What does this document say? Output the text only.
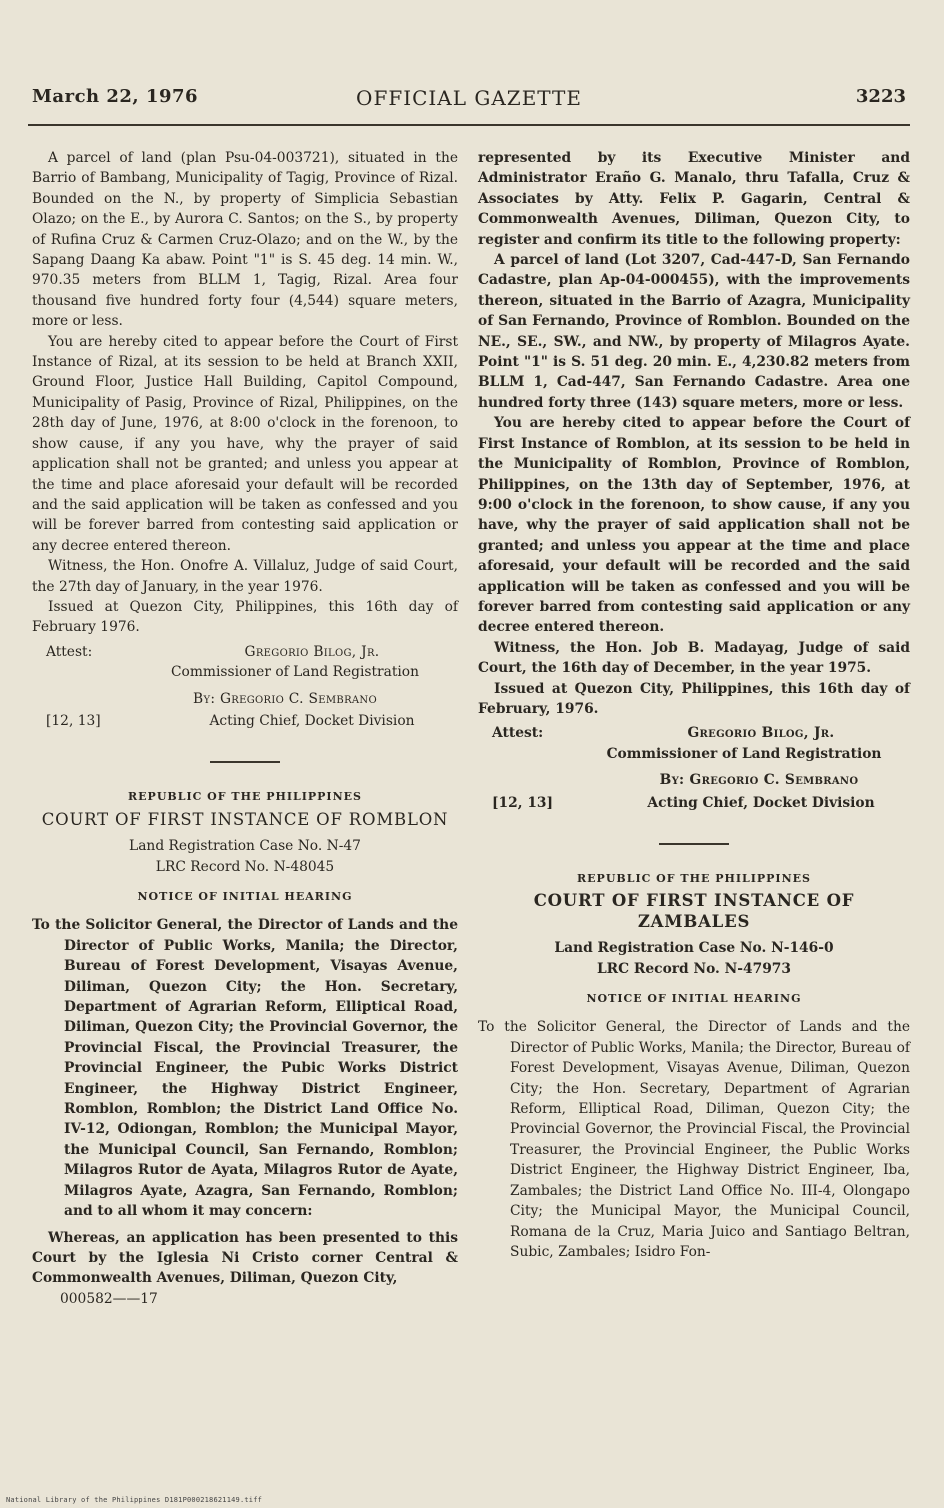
March 22, 1976	OFFICIAL GAZETTE	3223

A parcel of land (plan Psu-04-003721), situated in the Barrio of Bambang, Municipality of Tagig, Province of Rizal. Bounded on the N., by property of Simplicia Sebastian Olazo; on the E., by Aurora C. Santos; on the S., by property of Rufina Cruz & Carmen Cruz-Olazo; and on the W., by the Sapang Daang Ka abaw. Point "1" is S. 45 deg. 14 min. W., 970.35 meters from BLLM 1, Tagig, Rizal. Area four thousand five hundred forty four (4,544) square meters, more or less.

You are hereby cited to appear before the Court of First Instance of Rizal, at its session to be held at Branch XXII, Ground Floor, Justice Hall Building, Capitol Compound, Municipality of Pasig, Province of Rizal, Philippines, on the 28th day of June, 1976, at 8:00 o'clock in the forenoon, to show cause, if any you have, why the prayer of said application shall not be granted; and unless you appear at the time and place aforesaid your default will be recorded and the said application will be taken as confessed and you will be forever barred from contesting said application or any decree entered thereon.

Witness, the Hon. Onofre A. Villaluz, Judge of said Court, the 27th day of January, in the year 1976.

Issued at Quezon City, Philippines, this 16th day of February 1976.

Attest:	Gregorio Bilog, Jr.
Commissioner of Land Registration
By: Gregorio C. Sembrano
[12, 13]	Acting Chief, Docket Division
REPUBLIC OF THE PHILIPPINES
COURT OF FIRST INSTANCE OF ROMBLON
Land Registration Case No. N-47
LRC Record No. N-48045
NOTICE OF INITIAL HEARING
To the Solicitor General, the Director of Lands and the Director of Public Works, Manila; the Director, Bureau of Forest Development, Visayas Avenue, Diliman, Quezon City; the Hon. Secretary, Department of Agrarian Reform, Elliptical Road, Diliman, Quezon City; the Provincial Governor, the Provincial Fiscal, the Provincial Treasurer, the Provincial Engineer, the Pubic Works District Engineer, the Highway District Engineer, Romblon, Romblon; the District Land Office No. IV-12, Odiongan, Romblon; the Municipal Mayor, the Municipal Council, San Fernando, Romblon; Milagros Rutor de Ayata, Milagros Rutor de Ayate, Milagros Ayate, Azagra, San Fernando, Romblon; and to all whom it may concern:

Whereas, an application has been presented to this Court by the Iglesia Ni Cristo corner Central & Commonwealth Avenues, Diliman, Quezon City,

000582——17

represented by its Executive Minister and Administrator Eraño G. Manalo, thru Tafalla, Cruz & Associates by Atty. Felix P. Gagarin, Central & Commonwealth Avenues, Diliman, Quezon City, to register and confirm its title to the following property:

A parcel of land (Lot 3207, Cad-447-D, San Fernando Cadastre, plan Ap-04-000455), with the improvements thereon, situated in the Barrio of Azagra, Municipality of San Fernando, Province of Romblon. Bounded on the NE., SE., SW., and NW., by property of Milagros Ayate. Point "1" is S. 51 deg. 20 min. E., 4,230.82 meters from BLLM 1, Cad-447, San Fernando Cadastre. Area one hundred forty three (143) square meters, more or less.

You are hereby cited to appear before the Court of First Instance of Romblon, at its session to be held in the Municipality of Romblon, Province of Romblon, Philippines, on the 13th day of September, 1976, at 9:00 o'clock in the forenoon, to show cause, if any you have, why the prayer of said application shall not be granted; and unless you appear at the time and place aforesaid, your default will be recorded and the said application will be taken as confessed and you will be forever barred from contesting said application or any decree entered thereon.

Witness, the Hon. Job B. Madayag, Judge of said Court, the 16th day of December, in the year 1975.

Issued at Quezon City, Philippines, this 16th day of February, 1976.

Attest:	Gregorio Bilog, Jr.
Commissioner of Land Registration
By: Gregorio C. Sembrano
[12, 13]	Acting Chief, Docket Division
REPUBLIC OF THE PHILIPPINES
COURT OF FIRST INSTANCE OF ZAMBALES
Land Registration Case No. N-146-0
LRC Record No. N-47973
NOTICE OF INITIAL HEARING
To the Solicitor General, the Director of Lands and the Director of Public Works, Manila; the Director, Bureau of Forest Development, Visayas Avenue, Diliman, Quezon City; the Hon. Secretary, Department of Agrarian Reform, Elliptical Road, Diliman, Quezon City; the Provincial Governor, the Provincial Fiscal, the Provincial Treasurer, the Provincial Engineer, the Public Works District Engineer, the Highway District Engineer, Iba, Zambales; the District Land Office No. III-4, Olongapo City; the Municipal Mayor, the Municipal Council, Romana de la Cruz, Maria Juico and Santiago Beltran, Subic, Zambales; Isidro Fon-
National Library of the Philippines D181P000218621149.tiff
